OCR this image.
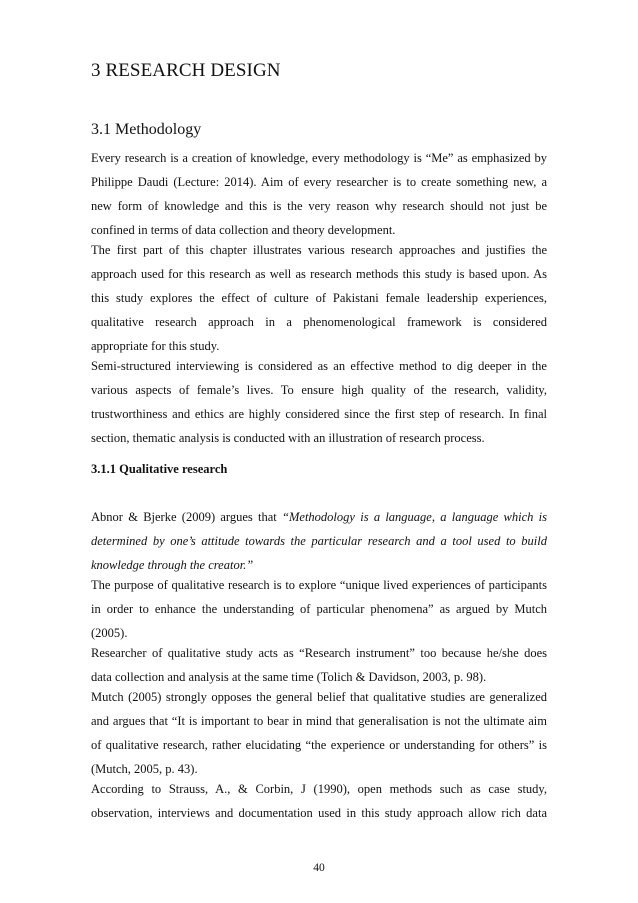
3 RESEARCH DESIGN
3.1 Methodology
Every research is a creation of knowledge, every methodology is “Me” as emphasized by
Philippe Daudi (Lecture: 2014). Aim of every researcher is to create something new, a
new form of knowledge and this is the very reason why research should not just be
confined in terms of data collection and theory development.
The first part of this chapter illustrates various research approaches and justifies the
approach used for this research as well as research methods this study is based upon. As
this study explores the effect of culture of Pakistani female leadership experiences,
qualitative research approach in a phenomenological framework is considered
appropriate for this study.
Semi-structured interviewing is considered as an effective method to dig deeper in the
various aspects of female’s lives. To ensure high quality of the research, validity,
trustworthiness and ethics are highly considered since the first step of research. In final
section, thematic analysis is conducted with an illustration of research process.
3.1.1 Qualitative research
Abnor & Bjerke (2009) argues that “Methodology is a language, a language which is
determined by one’s attitude towards the particular research and a tool used to build
knowledge through the creator.”
The purpose of qualitative research is to explore “unique lived experiences of participants
in order to enhance the understanding of particular phenomena” as argued by Mutch
(2005).
Researcher of qualitative study acts as “Research instrument” too because he/she does
data collection and analysis at the same time (Tolich & Davidson, 2003, p. 98).
Mutch (2005) strongly opposes the general belief that qualitative studies are generalized
and argues that “It is important to bear in mind that generalisation is not the ultimate aim
of qualitative research, rather elucidating “the experience or understanding for others” is
(Mutch, 2005, p. 43).
According to Strauss, A., & Corbin, J (1990), open methods such as case study,
observation, interviews and documentation used in this study approach allow rich data
40
